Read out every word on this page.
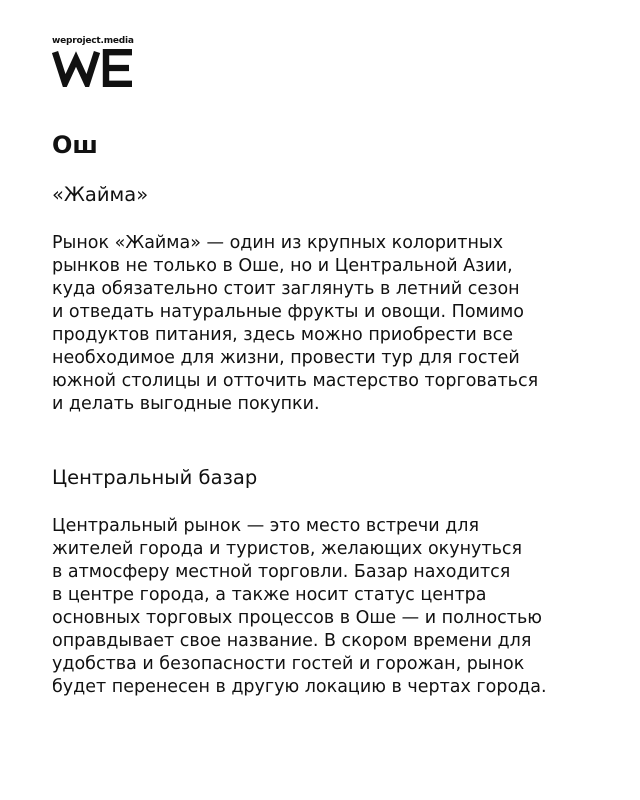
weproject.media
Ош
«Жайма»

Рынок «Жайма» — один из крупных колоритных
рынков не только в Оше, но и Центральной Азии,
куда обязательно стоит заглянуть в летний сезон
и отведать натуральные фрукты и овощи. Помимо
продуктов питания, здесь можно приобрести все
необходимое для жизни, провести тур для гостей
южной столицы и отточить мастерство торговаться
и делать выгодные покупки.

Центральный базар

Центральный рынок — это место встречи для
жителей города и туристов, желающих окунуться
в атмосферу местной торговли. Базар находится
в центре города, а также носит статус центра
основных торговых процессов в Оше — и полностью
оправдывает свое название. В скором времени для
удобства и безопасности гостей и горожан, рынок
будет перенесен в другую локацию в чертах города.
